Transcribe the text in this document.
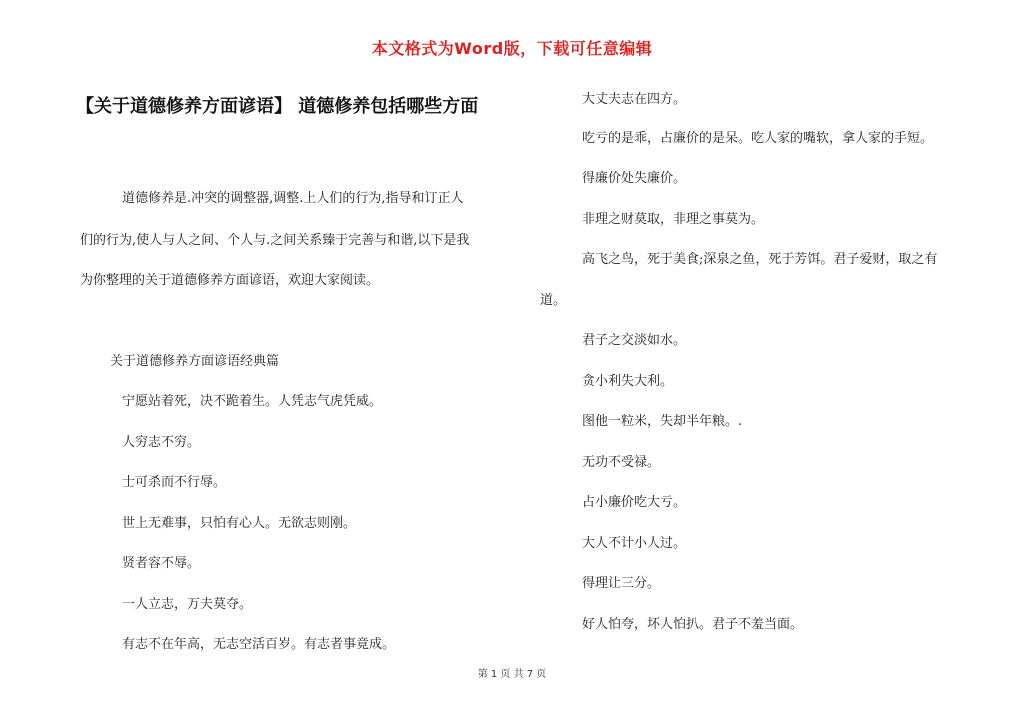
本文格式为Word版，下载可任意编辑
【关于道德修养方面谚语】 道德修养包括哪些方面
道德修养是.冲突的调整器,调整.上人们的行为,指导和订正人
们的行为,使人与人之间、个人与.之间关系臻于完善与和谐,以下是我
为你整理的关于道德修养方面谚语，欢迎大家阅读。
关于道德修养方面谚语经典篇
宁愿站着死，决不跪着生。人凭志气虎凭威。
人穷志不穷。
士可杀而不行辱。
世上无难事，只怕有心人。无欲志则刚。
贤者容不辱。
一人立志，万夫莫夺。
有志不在年高，无志空活百岁。有志者事竟成。
大丈夫志在四方。
吃亏的是乖，占廉价的是呆。吃人家的嘴软，拿人家的手短。
得廉价处失廉价。
非理之财莫取，非理之事莫为。
高飞之鸟，死于美食;深泉之鱼，死于芳饵。君子爱财，取之有
道。
君子之交淡如水。
贪小利失大利。
图他一粒米，失却半年粮。.
无功不受禄。
占小廉价吃大亏。
大人不计小人过。
得理让三分。
好人怕夸，坏人怕扒。君子不羞当面。
第 1 页 共 7 页
